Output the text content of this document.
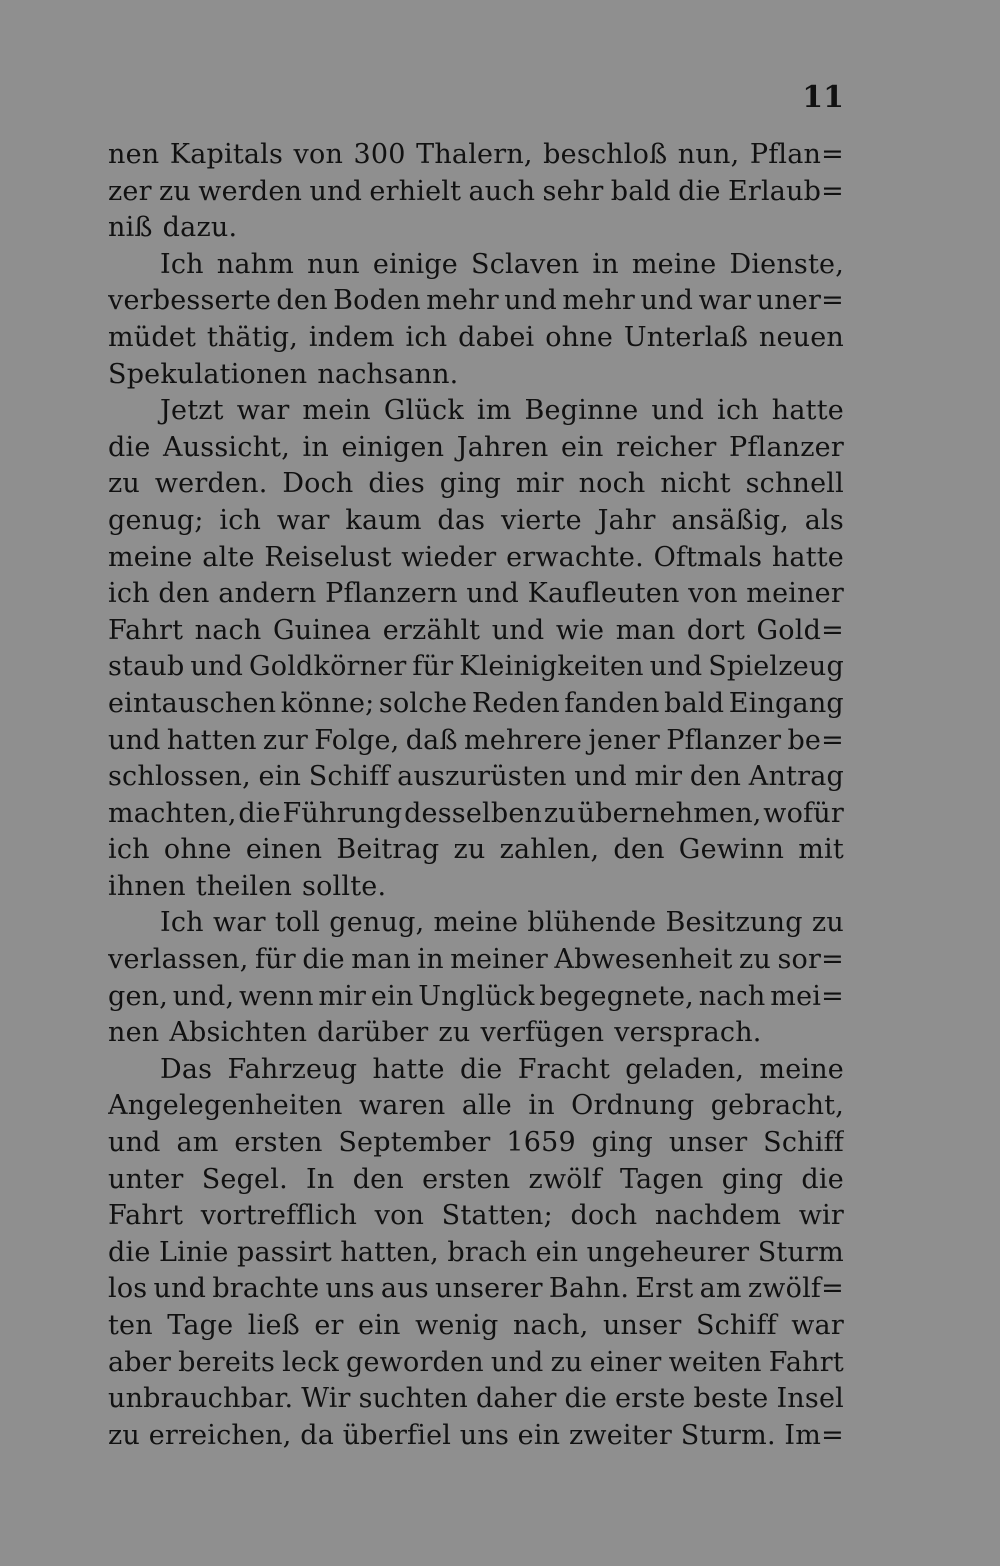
11
nen Kapitals von 300 Thalern, beschloß nun, Pflan=
zer zu werden und erhielt auch sehr bald die Erlaub=
niß dazu.
Ich nahm nun einige Sclaven in meine Dienste,
verbesserte den Boden mehr und mehr und war uner=
müdet thätig, indem ich dabei ohne Unterlaß neuen
Spekulationen nachsann.
Jetzt war mein Glück im Beginne und ich hatte
die Aussicht, in einigen Jahren ein reicher Pflanzer
zu werden. Doch dies ging mir noch nicht schnell
genug; ich war kaum das vierte Jahr ansäßig, als
meine alte Reiselust wieder erwachte. Oftmals hatte
ich den andern Pflanzern und Kaufleuten von meiner
Fahrt nach Guinea erzählt und wie man dort Gold=
staub und Goldkörner für Kleinigkeiten und Spielzeug
eintauschen könne; solche Reden fanden bald Eingang
und hatten zur Folge, daß mehrere jener Pflanzer be=
schlossen, ein Schiff auszurüsten und mir den Antrag
machten, die Führung desselben zu übernehmen, wofür
ich ohne einen Beitrag zu zahlen, den Gewinn mit
ihnen theilen sollte.
Ich war toll genug, meine blühende Besitzung zu
verlassen, für die man in meiner Abwesenheit zu sor=
gen, und, wenn mir ein Unglück begegnete, nach mei=
nen Absichten darüber zu verfügen versprach.
Das Fahrzeug hatte die Fracht geladen, meine
Angelegenheiten waren alle in Ordnung gebracht,
und am ersten September 1659 ging unser Schiff
unter Segel. In den ersten zwölf Tagen ging die
Fahrt vortrefflich von Statten; doch nachdem wir
die Linie passirt hatten, brach ein ungeheurer Sturm
los und brachte uns aus unserer Bahn. Erst am zwölf=
ten Tage ließ er ein wenig nach, unser Schiff war
aber bereits leck geworden und zu einer weiten Fahrt
unbrauchbar. Wir suchten daher die erste beste Insel
zu erreichen, da überfiel uns ein zweiter Sturm. Im=
